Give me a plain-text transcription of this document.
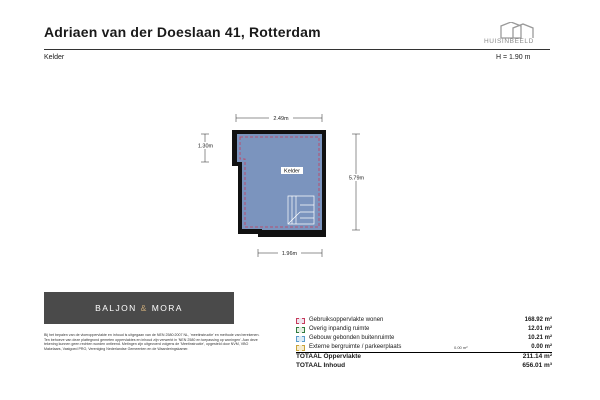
Adriaen van der Doeslaan 41, Rotterdam
HUISINBEELD
Kelder	H = 1.90 m
Kelder
2.49m
1.30m
5.79m
1.96m
BALJON & MORA
Bij het bepalen van de vloeroppervlakte en inhoud is uitgegaan van de NEN 2580:2007 NL, 'meetinstructie' en methode van berekenen. Ten behoeve van deze plattegrond gemeten oppervlaktes en inhoud zijn verwerkt in 'NEN 2580 en toepassing op woningen'. Aan deze tekening kunnen geen rechten worden ontleend. Metingen zijn uitgevoerd volgens de 'Meetinstructie', opgesteld door NVM, VBO Makelaars, Vastgoed PRO, Vereniging Nederlandse Gemeenten en de Waarderingskamer.
Gebruiksoppervlakte wonen	168.92 m²
Overig inpandig ruimte	12.01 m²
Gebouw gebonden buitenruimte	10.21 m²
Externe bergruimte / parkeerplaats	0.00 m²	0.00 m²
TOTAAL Oppervlakte	211.14 m²
TOTAAL Inhoud	656.01 m³
